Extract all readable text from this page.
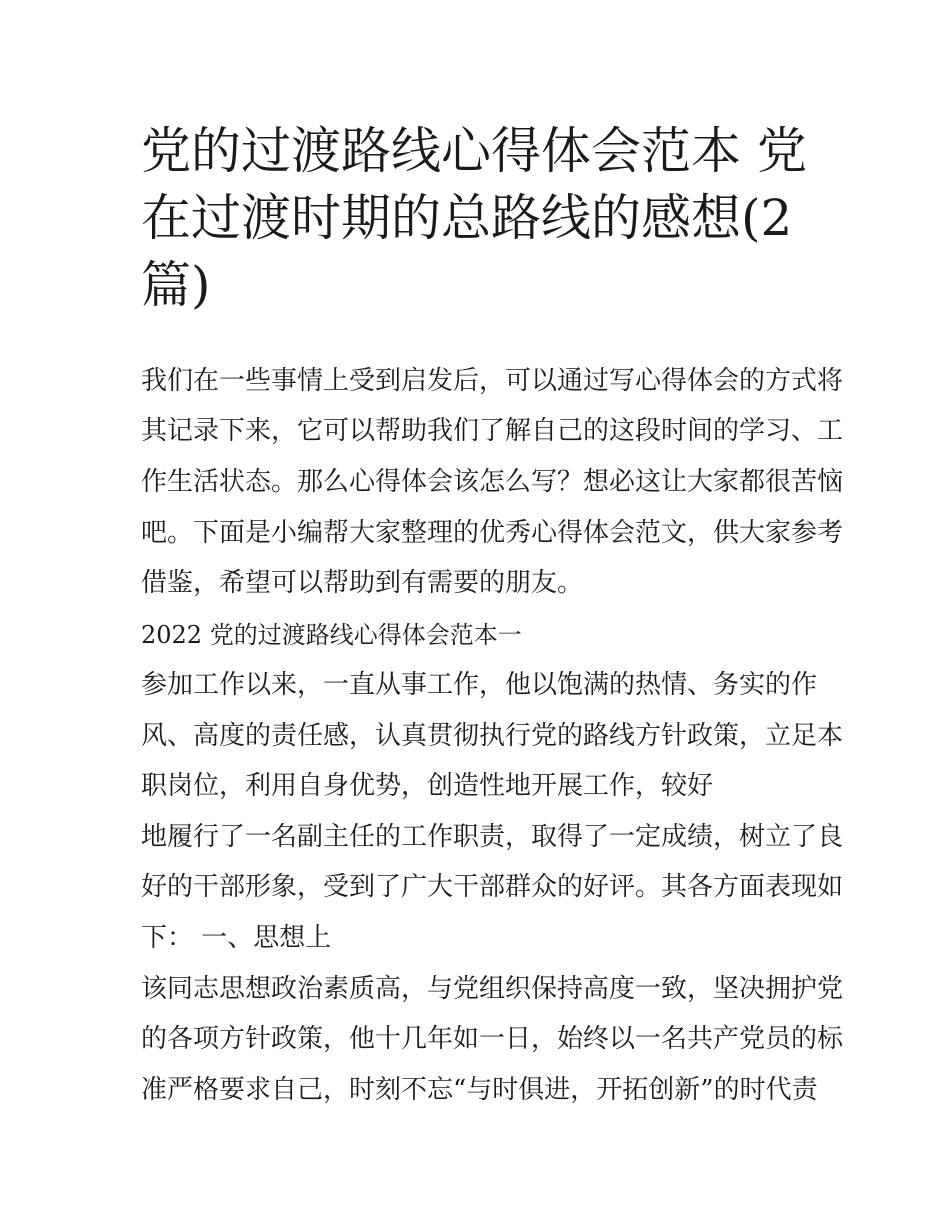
党的过渡路线心得体会范本 党
在过渡时期的总路线的感想(2
篇)

我们在一些事情上受到启发后，可以通过写心得体会的方式将

其记录下来，它可以帮助我们了解自己的这段时间的学习、工

作生活状态。那么心得体会该怎么写？想必这让大家都很苦恼

吧。下面是小编帮大家整理的优秀心得体会范文，供大家参考

借鉴，希望可以帮助到有需要的朋友。

2022 党的过渡路线心得体会范本一

参加工作以来，一直从事工作，他以饱满的热情、务实的作

风、高度的责任感，认真贯彻执行党的路线方针政策，立足本

职岗位，利用自身优势，创造性地开展工作，较好

地履行了一名副主任的工作职责，取得了一定成绩，树立了良

好的干部形象，受到了广大干部群众的好评。其各方面表现如

下： 一、思想上

该同志思想政治素质高，与党组织保持高度一致，坚决拥护党

的各项方针政策，他十几年如一日，始终以一名共产党员的标

准严格要求自己，时刻不忘“与时俱进，开拓创新”的时代责
